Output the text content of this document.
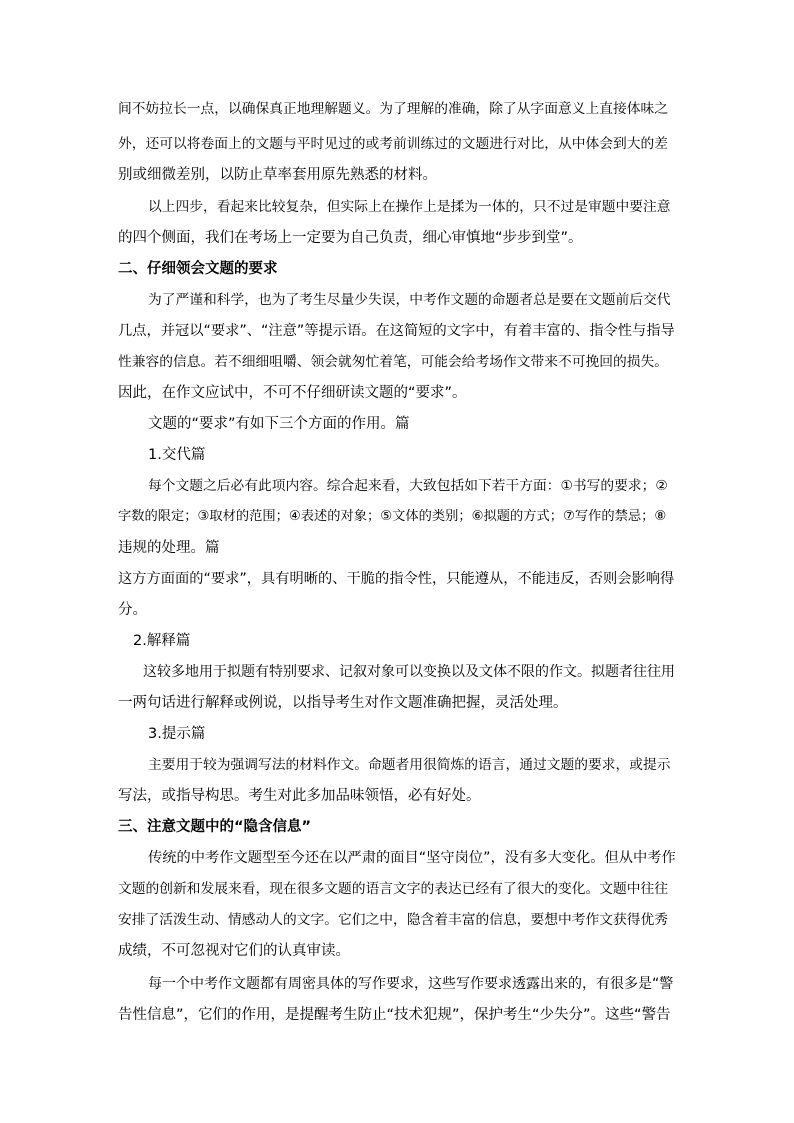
间不妨拉长一点，以确保真正地理解题义。为了理解的准确，除了从字面意义上直接体味之

外，还可以将卷面上的文题与平时见过的或考前训练过的文题进行对比，从中体会到大的差

别或细微差别，以防止草率套用原先熟悉的材料。

以上四步，看起来比较复杂，但实际上在操作上是揉为一体的，只不过是审题中要注意

的四个侧面，我们在考场上一定要为自己负责，细心审慎地“步步到堂”。

二、仔细领会文题的要求

为了严谨和科学，也为了考生尽量少失误，中考作文题的命题者总是要在文题前后交代

几点，并冠以“要求”、“注意”等提示语。在这简短的文字中，有着丰富的、指令性与指导

性兼容的信息。若不细细咀嚼、领会就匆忙着笔，可能会给考场作文带来不可挽回的损失。

因此，在作文应试中，不可不仔细研读文题的“要求”。

文题的“要求”有如下三个方面的作用。篇

1.交代篇

每个文题之后必有此项内容。综合起来看，大致包括如下若干方面：①书写的要求；②

字数的限定；③取材的范围；④表述的对象；⑤文体的类别；⑥拟题的方式；⑦写作的禁忌；⑧

违规的处理。篇

这方方面面的“要求”，具有明晰的、干脆的指令性，只能遵从，不能违反，否则会影响得

分。

2.解释篇

这较多地用于拟题有特别要求、记叙对象可以变换以及文体不限的作文。拟题者往往用

一两句话进行解释或例说，以指导考生对作文题准确把握，灵活处理。

3.提示篇

主要用于较为强调写法的材料作文。命题者用很简炼的语言，通过文题的要求，或提示

写法，或指导构思。考生对此多加品味领悟，必有好处。

三、注意文题中的“隐含信息”

传统的中考作文题型至今还在以严肃的面目“坚守岗位”，没有多大变化。但从中考作

文题的创新和发展来看，现在很多文题的语言文字的表达已经有了很大的变化。文题中往往

安排了活泼生动、情感动人的文字。它们之中，隐含着丰富的信息，要想中考作文获得优秀

成绩，不可忽视对它们的认真审读。

每一个中考作文题都有周密具体的写作要求，这些写作要求透露出来的，有很多是“警

告性信息”，它们的作用，是提醒考生防止“技术犯规”，保护考生“少失分”。这些“警告
